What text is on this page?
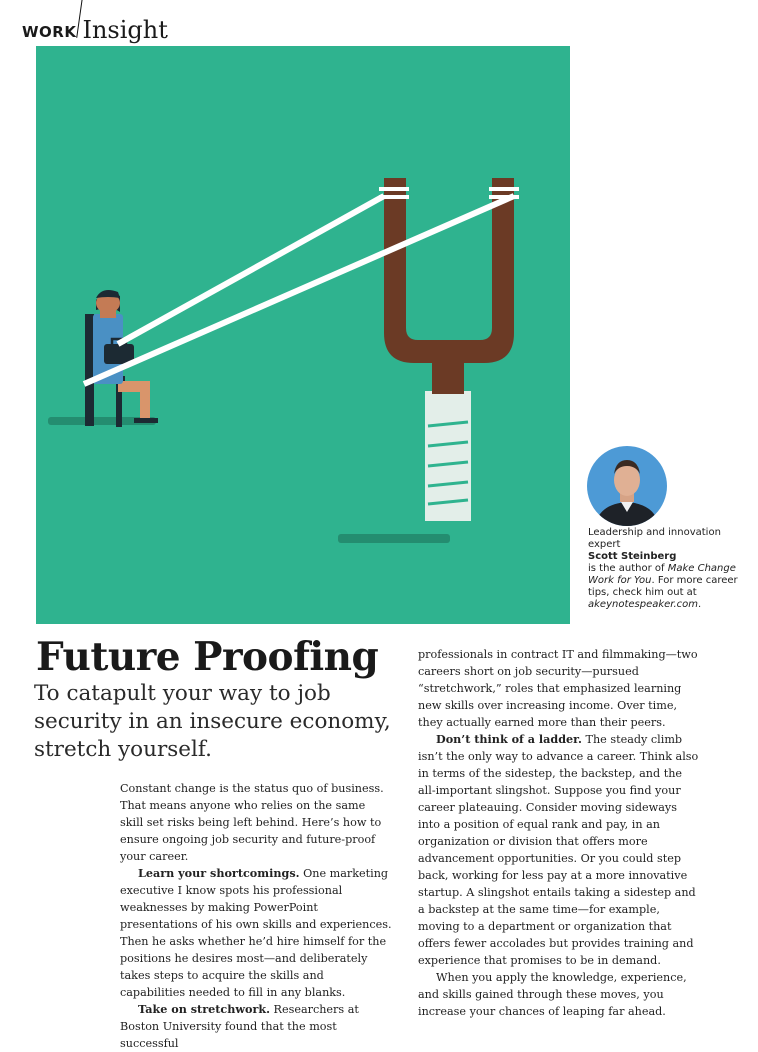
WORK Insight
Leadership and innovation expert
Scott Steinberg
is the author of Make Change Work for You. For more career tips, check him out at akeynotespeaker.com.
Future Proofing
To catapult your way to job security in an insecure economy, stretch yourself.

Constant change is the status quo of business. That means anyone who relies on the same skill set risks being left behind. Here’s how to ensure ongoing job security and future-proof your career.

Learn your shortcomings. One marketing executive I know spots his professional weaknesses by making PowerPoint presentations of his own skills and experiences. Then he asks whether he’d hire himself for the positions he desires most—and deliberately takes steps to acquire the skills and capabilities needed to fill in any blanks.

Take on stretchwork. Researchers at Boston University found that the most successful

professionals in contract IT and filmmaking—two careers short on job security—pursued “stretchwork,” roles that emphasized learning new skills over increasing income. Over time, they actually earned more than their peers.

Don’t think of a ladder. The steady climb isn’t the only way to advance a career. Think also in terms of the sidestep, the backstep, and the all-important slingshot. Suppose you find your career plateauing. Consider moving sideways into a position of equal rank and pay, in an organization or division that offers more advancement opportunities. Or you could step back, working for less pay at a more innovative startup. A slingshot entails taking a sidestep and a backstep at the same time—for example, moving to a department or organization that offers fewer accolades but provides training and experience that promises to be in demand.

When you apply the knowledge, experience, and skills gained through these moves, you increase your chances of leaping far ahead.
